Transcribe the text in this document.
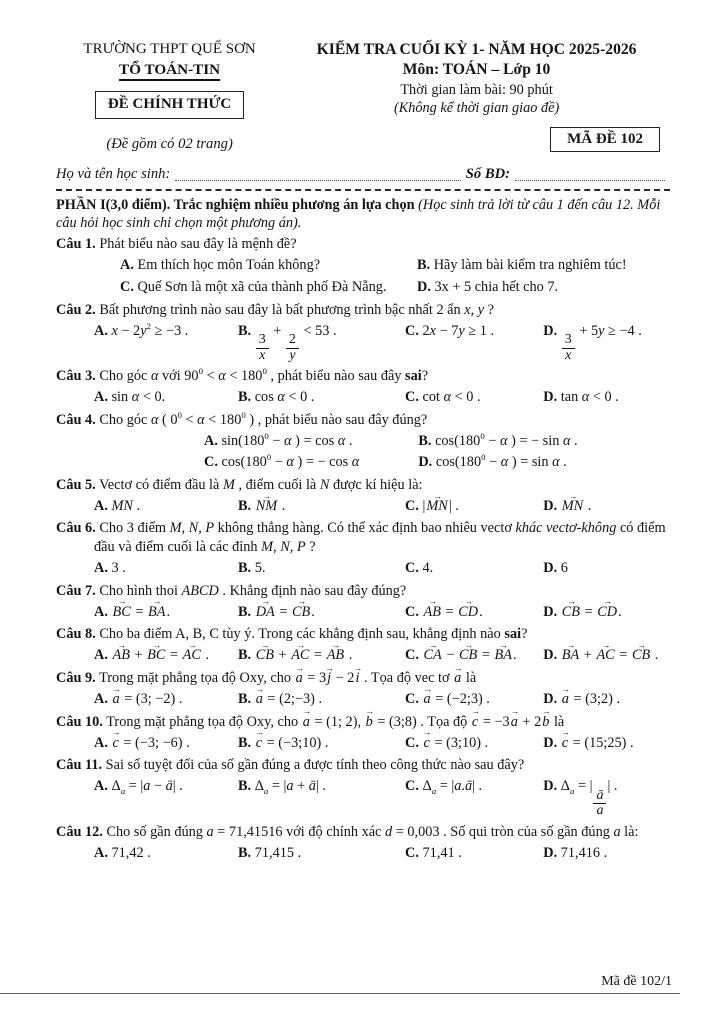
TRƯỜNG THPT QUẾ SƠN
TỔ TOÁN-TIN
ĐỀ CHÍNH THỨC
(Đề gồm có 02 trang)
KIỂM TRA CUỐI KỲ 1- NĂM HỌC 2025-2026
Môn: TOÁN – Lớp 10
Thời gian làm bài: 90 phút
(Không kể thời gian giao đề)
MÃ ĐỀ 102
Họ và tên học sinh:	Số BD:
PHẦN I(3,0 điểm). Trắc nghiệm nhiều phương án lựa chọn (Học sinh trả lời từ câu 1 đến câu 12. Mỗi câu hỏi học sinh chỉ chọn một phương án).
Câu 1. Phát biểu nào sau đây là mệnh đề?
A. Em thích học môn Toán không?	B. Hãy làm bài kiểm tra nghiêm túc!
C. Quế Sơn là một xã của thành phố Đà Nẵng.	D. 3x + 5 chia hết cho 7.
Câu 2. Bất phương trình nào sau đây là bất phương trình bậc nhất 2 ẩn x, y ?
A. $x - 2y^2 \ge -3$ .	B.
$\frac{3}{x}$
+
$\frac{2}{y}$
< 53 .	C. 2x − 7y ≥ 1 .	D.
$\frac{3}{x}$
+ 5y ≥ −4 .
Câu 3. Cho góc α với $90^0 < \alpha < 180^0$ , phát biểu nào sau đây sai?
A. sin α < 0.	B. cos α < 0 .	C. cot α < 0 .	D. tan α < 0 .
Câu 4. Cho góc α ( $0^0 < \alpha < 180^0$ ) , phát biểu nào sau đây đúng?
A. $\sin(180^0 - \alpha$ ) = cos α .	B. $\cos(180^0 - \alpha$ ) = − sin α .
C. $\cos(180^0 - \alpha$ ) = − cos α	D. $\cos(180^0 - \alpha$ ) = sin α .
Câu 5. Vectơ có điểm đầu là M , điểm cuối là N được kí hiệu là:
A. MN .	B. NM → .	C. |MN →| .	D. MN → .
Câu 6. Cho 3 điểm M, N, P không thẳng hàng. Có thể xác định bao nhiêu vectơ khác vectơ-không có điểm đầu và điểm cuối là các đỉnh M, N, P ?
A. 3 .	B. 5.	C. 4.	D. 6
Câu 7. Cho hình thoi ABCD . Khẳng định nào sau đây đúng?
A. BC → = BA →.	B. DA → = CB →.	C. AB → = CD →.	D. CB → = CD →.
Câu 8. Cho ba điểm A, B, C tùy ý. Trong các khẳng định sau, khẳng định nào sai?
A. AB → + BC → = AC → .	B. CB → + AC → = AB → .	C. CA → − CB → = BA →.	D. BA → + AC → = CB → .
Câu 9. Trong mặt phẳng tọa độ Oxy, cho a → = 3j → − 2i → . Tọa độ vec tơ a → là
A. a → = (3; −2) .	B. a → = (2;−3) .	C. a → = (−2;3) .	D. a → = (3;2) .
Câu 10. Trong mặt phẳng tọa độ Oxy, cho a → = (1; 2), b → = (3;8) . Tọa độ c → = −3a → + 2b → là
A. c → = (−3; −6) .	B. c → = (−3;10) .	C. c → = (3;10) .	D. c → = (15;25) .
Câu 11. Sai số tuyệt đối của số gần đúng a được tính theo công thức nào sau đây?
A. $\Delta_a = |a$ − ā| .	B. $\Delta_a = |a$ + ā| .	C. $\Delta_a$ = |a.ā| .	D. $\Delta_a$ = |
$\frac{ā}{a}$
| .
Câu 12. Cho số gần đúng a = 71,41516 với độ chính xác d = 0,003 . Số qui tròn của số gần đúng a là:
A. 71,42 .	B. 71,415 .	C. 71,41 .	D. 71,416 .
Mã đề 102/1
